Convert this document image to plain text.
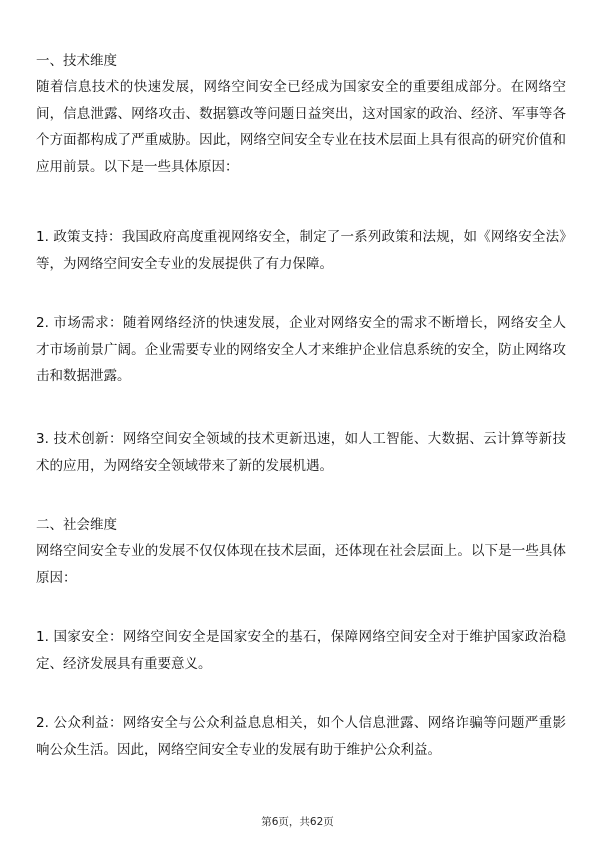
一、技术维度

随着信息技术的快速发展，网络空间安全已经成为国家安全的重要组成部分。在网络空间，信息泄露、网络攻击、数据篡改等问题日益突出，这对国家的政治、经济、军事等各个方面都构成了严重威胁。因此，网络空间安全专业在技术层面上具有很高的研究价值和应用前景。以下是一些具体原因：

1. 政策支持：我国政府高度重视网络安全，制定了一系列政策和法规，如《网络安全法》等，为网络空间安全专业的发展提供了有力保障。

2. 市场需求：随着网络经济的快速发展，企业对网络安全的需求不断增长，网络安全人才市场前景广阔。企业需要专业的网络安全人才来维护企业信息系统的安全，防止网络攻击和数据泄露。

3. 技术创新：网络空间安全领域的技术更新迅速，如人工智能、大数据、云计算等新技术的应用，为网络安全领域带来了新的发展机遇。

二、社会维度

网络空间安全专业的发展不仅仅体现在技术层面，还体现在社会层面上。以下是一些具体原因：

1. 国家安全：网络空间安全是国家安全的基石，保障网络空间安全对于维护国家政治稳定、经济发展具有重要意义。

2. 公众利益：网络安全与公众利益息息相关，如个人信息泄露、网络诈骗等问题严重影响公众生活。因此，网络空间安全专业的发展有助于维护公众利益。

第6页，共62页
